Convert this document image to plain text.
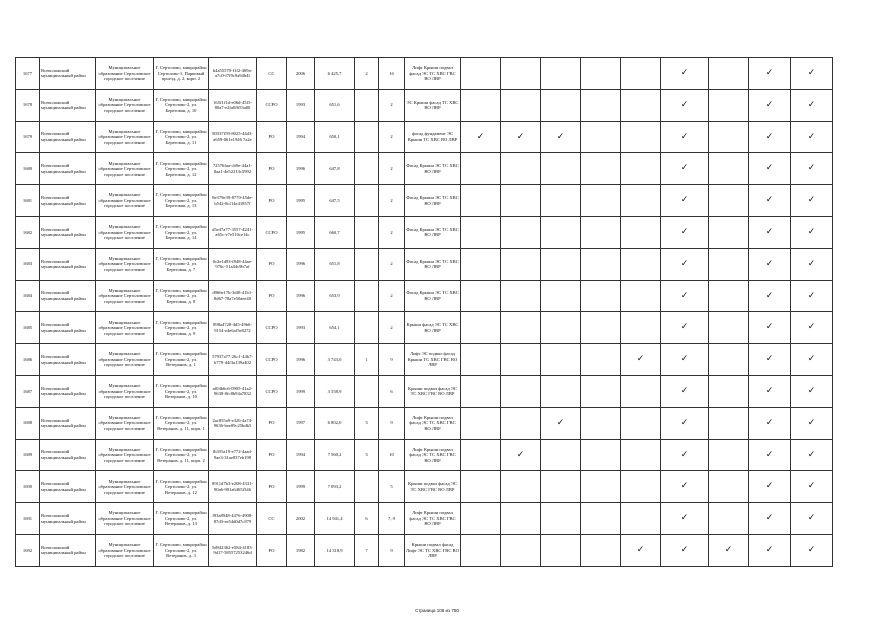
1677	Всеволожский муниципальный район	Муниципальное образование Сертоловское городское поселение	Г. Сертолово, микрорайон Сертолово-1, Парковый проезд, д. 2, корп. 2	b4a55570-f1f2-469a-a7c0-f7f9c9a94b4f	СС	2006	6 425,7	2	16	Лифт Крыши подвал фасад ЭС ТС ХВС ГВС ВО ЛВР						✓		✓	✓
1678	Всеволожский муниципальный район	Муниципальное образование Сертоловское городское поселение	Г. Сертолово, микрорайон Сертолово-2, ул. Береговая, д. 10	165f1f1d-e06d-45f5-80a7-e2fa0f653a00	ССРО	1993	651,6		2	ЭС Крыши фасад ТС ХВС ВО ЛВР						✓		✓	✓
1679	Всеволожский муниципальный район	Муниципальное образование Сертоловское городское поселение	Г. Сертолово, микрорайон Сертолово-2, ул. Береговая, д. 11	80337f59-8025-44d3-a659-061e1946 7a2e	РО	1994	650,1		2	фасад фундамент ЭС Крыши ТС ХВС ВО ЛВР	✓	✓	✓			✓		✓	✓
1680	Всеволожский муниципальный район	Муниципальное образование Сертоловское городское поселение	Г. Сертолово, микрорайон Сертолово-2, ул. Береговая, д. 12	72576faa-cb9e-44a1-8aa1-4e52213c5992	РО	1996	647,8		2	Фасад Крыши ЭС ТС ХВС ВО ЛВР						✓		✓	✓
1681	Всеволожский муниципальный район	Муниципальное образование Сертоловское городское поселение	Г. Сертолово, микрорайон Сертолово-2, ул. Береговая, д. 13	8e379e39-8770-45de-b542-8cf14e41857f	РО	1995	647,5		2	Фасад Крыши ЭС ТС ХВС ВО ЛВР						✓		✓	✓
1682	Всеволожский муниципальный район	Муниципальное образование Сертоловское городское поселение	Г. Сертолово, микрорайон Сертолово-2, ул. Береговая, д. 14	d5e47a77-3557-4241-a65c-e7e510ce14c	ССРО	1995	660,7		2	Фасад Крыши ЭС ТС ХВС ВО ЛВР						✓		✓	✓
1683	Всеволожский муниципальный район	Муниципальное образование Сертоловское городское поселение	Г. Сертолово, микрорайон Сертолово-2, ул. Береговая, д. 7	0c2e1d93-f848-44ae-976c-51a44c9b7af	РО	1996	651,8		2	Фасад Крыши ЭС ТС ХВС ВО ЛВР						✓		✓	✓
1684	Всеволожский муниципальный район	Муниципальное образование Сертоловское городское поселение	Г. Сертолово, микрорайон Сертолово-2, ул. Береговая, д. 8	d966e17b-3df8-41b1-8d67-78a7e50aee40	РО	1996	653,9		2	Фасад Крыши ЭС ТС ХВС ВО ЛВР						✓		✓	✓
1685	Всеволожский муниципальный район	Муниципальное образование Сертоловское городское поселение	Г. Сертолово, микрорайон Сертолово-2, ул. Береговая, д. 9	898a4728-4d5-49b6-9154-e4e6af5e8272	ССРО	1993	654,1		2	Крыши фасад ЭС ТС ХВС ВО ЛВР						✓		✓	✓
1686	Всеволожский муниципальный район	Муниципальное образование Сертоловское городское поселение	Г. Сертолово, микрорайон Сертолово-2, ул. Ветеранов, д. 1	57937a77-26c1-44b7-b779-44f3a139a402	ССРО	1996	3 743,0	1	9	Лифт ЭС подвал фасад Крыши ТС ХВС ГВС ВО ЛВР					✓	✓		✓	✓
1687	Всеволожский муниципальный район	Муниципальное образование Сертоловское городское поселение	Г. Сертолово, микрорайон Сертолово-2, ул. Ветеранов, д. 10	af04b6c6-0905-41a2-9638-0fc8b94a7832	ССРО	1999	3 558,9		6	Крыши подвал фасад ЭС ТС ХВС ГВС ВО ЛВР						✓		✓	✓
1688	Всеволожский муниципальный район	Муниципальное образование Сертоловское городское поселение	Г. Сертолово, микрорайон Сертолово-2, ул. Ветеранов, д. 11, корп. 1	2ac855a9-e326-4a74-9636-bee09c25bdb5	РО	1997	6 802,0	3	9	Лифт Крыши подвал фасад ЭС ТС ХВС ГВС ВО ЛВР			✓			✓		✓	✓
1689	Всеволожский муниципальный район	Муниципальное образование Сертоловское городское поселение	Г. Сертолово, микрорайон Сертолово-2, ул. Ветеранов, д. 11, корп. 2	fb355a19-e772-4aad-9ae3-31ae837eb198	РО	1994	7 560,2	3	10	Лифт Крыши подвал фасад ЭС ТС ХВС ГВС ВО ЛВР		✓				✓		✓	✓
1690	Всеволожский муниципальный район	Муниципальное образование Сертоловское городское поселение	Г. Сертолово, микрорайон Сертолово-2, ул. Ветеранов, д. 12	8911d7b3-e208-4331-90a6-901a6465f346	РО	1999	7 093,2		5	Крыши подвал фасад ЭС ТС ХВС ГВС ВО ЛВР						✓		✓	✓
1691	Всеволожский муниципальный район	Муниципальное образование Сертоловское городское поселение	Г. Сертолово, микрорайон Сертолово-2, ул. Ветеранов, д. 13	f93a8948-4476-4908-87d3-ee54d0d7c879	СС	2002	14 941,4	6	7, 9	Лифт Крыши подвал фасад ЭС ТС ХВС ГВС ВО ЛВР						✓		✓	✓
1692	Всеволожский муниципальный район	Муниципальное образование Сертоловское городское поселение	Г. Сертолово, микрорайон Сертолово-2, ул. Ветеранов, д. 3	5d942362-e584-4183-9d17-58557253246d	РО	1982	14 318,9	7	9	Крыши подвал фасад Лифт ЭС ТС ХВС ГВС ВО ЛВР					✓	✓	✓	✓	✓
Страница 106 из 750
